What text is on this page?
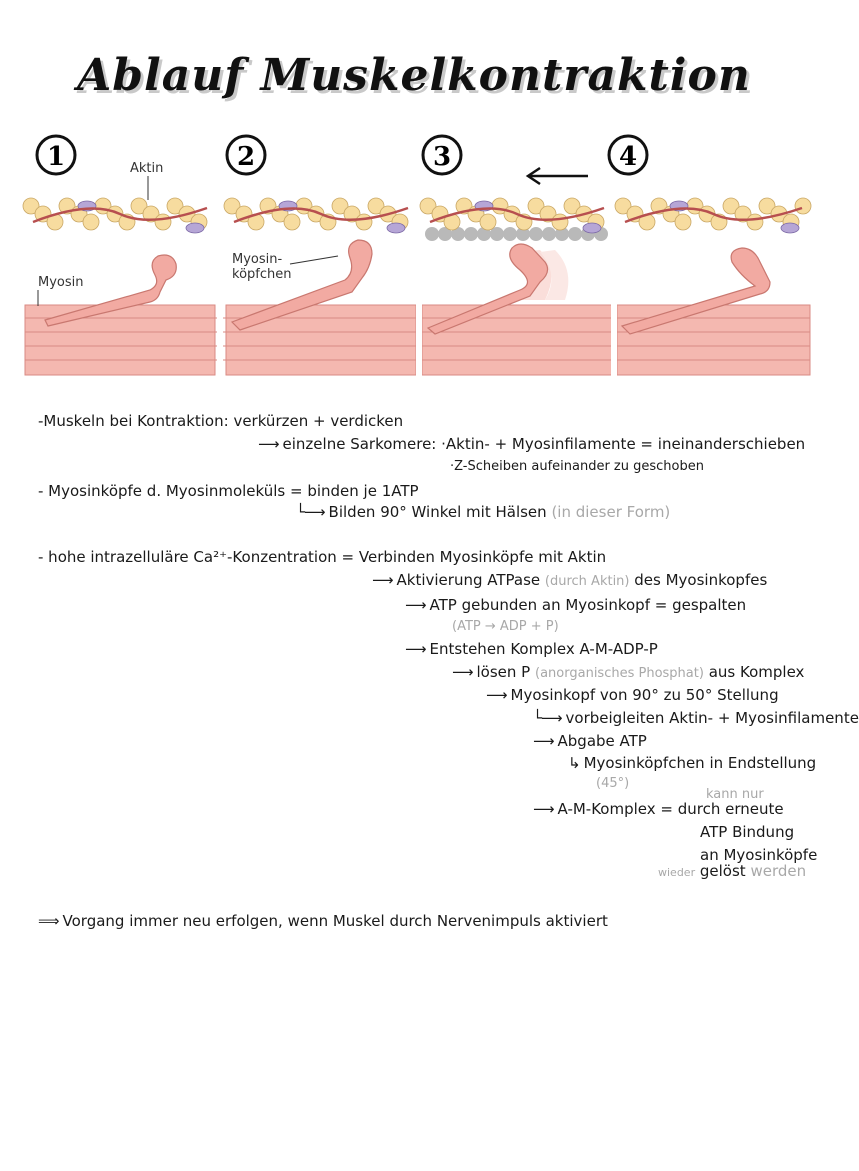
Ablauf Muskelkontraktion
1	2	3	4
Aktin
Myosin
Myosin-
köpfchen
-Muskeln bei Kontraktion: verkürzen + verdicken
⟶ einzelne Sarkomere: ·Aktin- + Myosinfilamente = ineinanderschieben
·Z-Scheiben aufeinander zu geschoben
- Myosinköpfe d. Myosinmoleküls = binden je 1ATP
└⟶ Bilden 90° Winkel mit Hälsen (in dieser Form)
- hohe intrazelluläre Ca²⁺-Konzentration = Verbinden Myosinköpfe mit Aktin
⟶ Aktivierung ATPase (durch Aktin) des Myosinkopfes
⟶ ATP gebunden an Myosinkopf = gespalten
(ATP → ADP + P)
⟶ Entstehen Komplex A-M-ADP-P
⟶ lösen P (anorganisches Phosphat) aus Komplex
⟶ Myosinkopf von 90° zu 50° Stellung
└⟶ vorbeigleiten Aktin- + Myosinfilamente
⟶ Abgabe ATP
↳ Myosinköpfchen in Endstellung
(45°)
kann nur
⟶ A-M-Komplex = durch erneute
ATP Bindung
an Myosinköpfe
wieder gelöst werden
⟹ Vorgang immer neu erfolgen, wenn Muskel durch Nervenimpuls aktiviert
